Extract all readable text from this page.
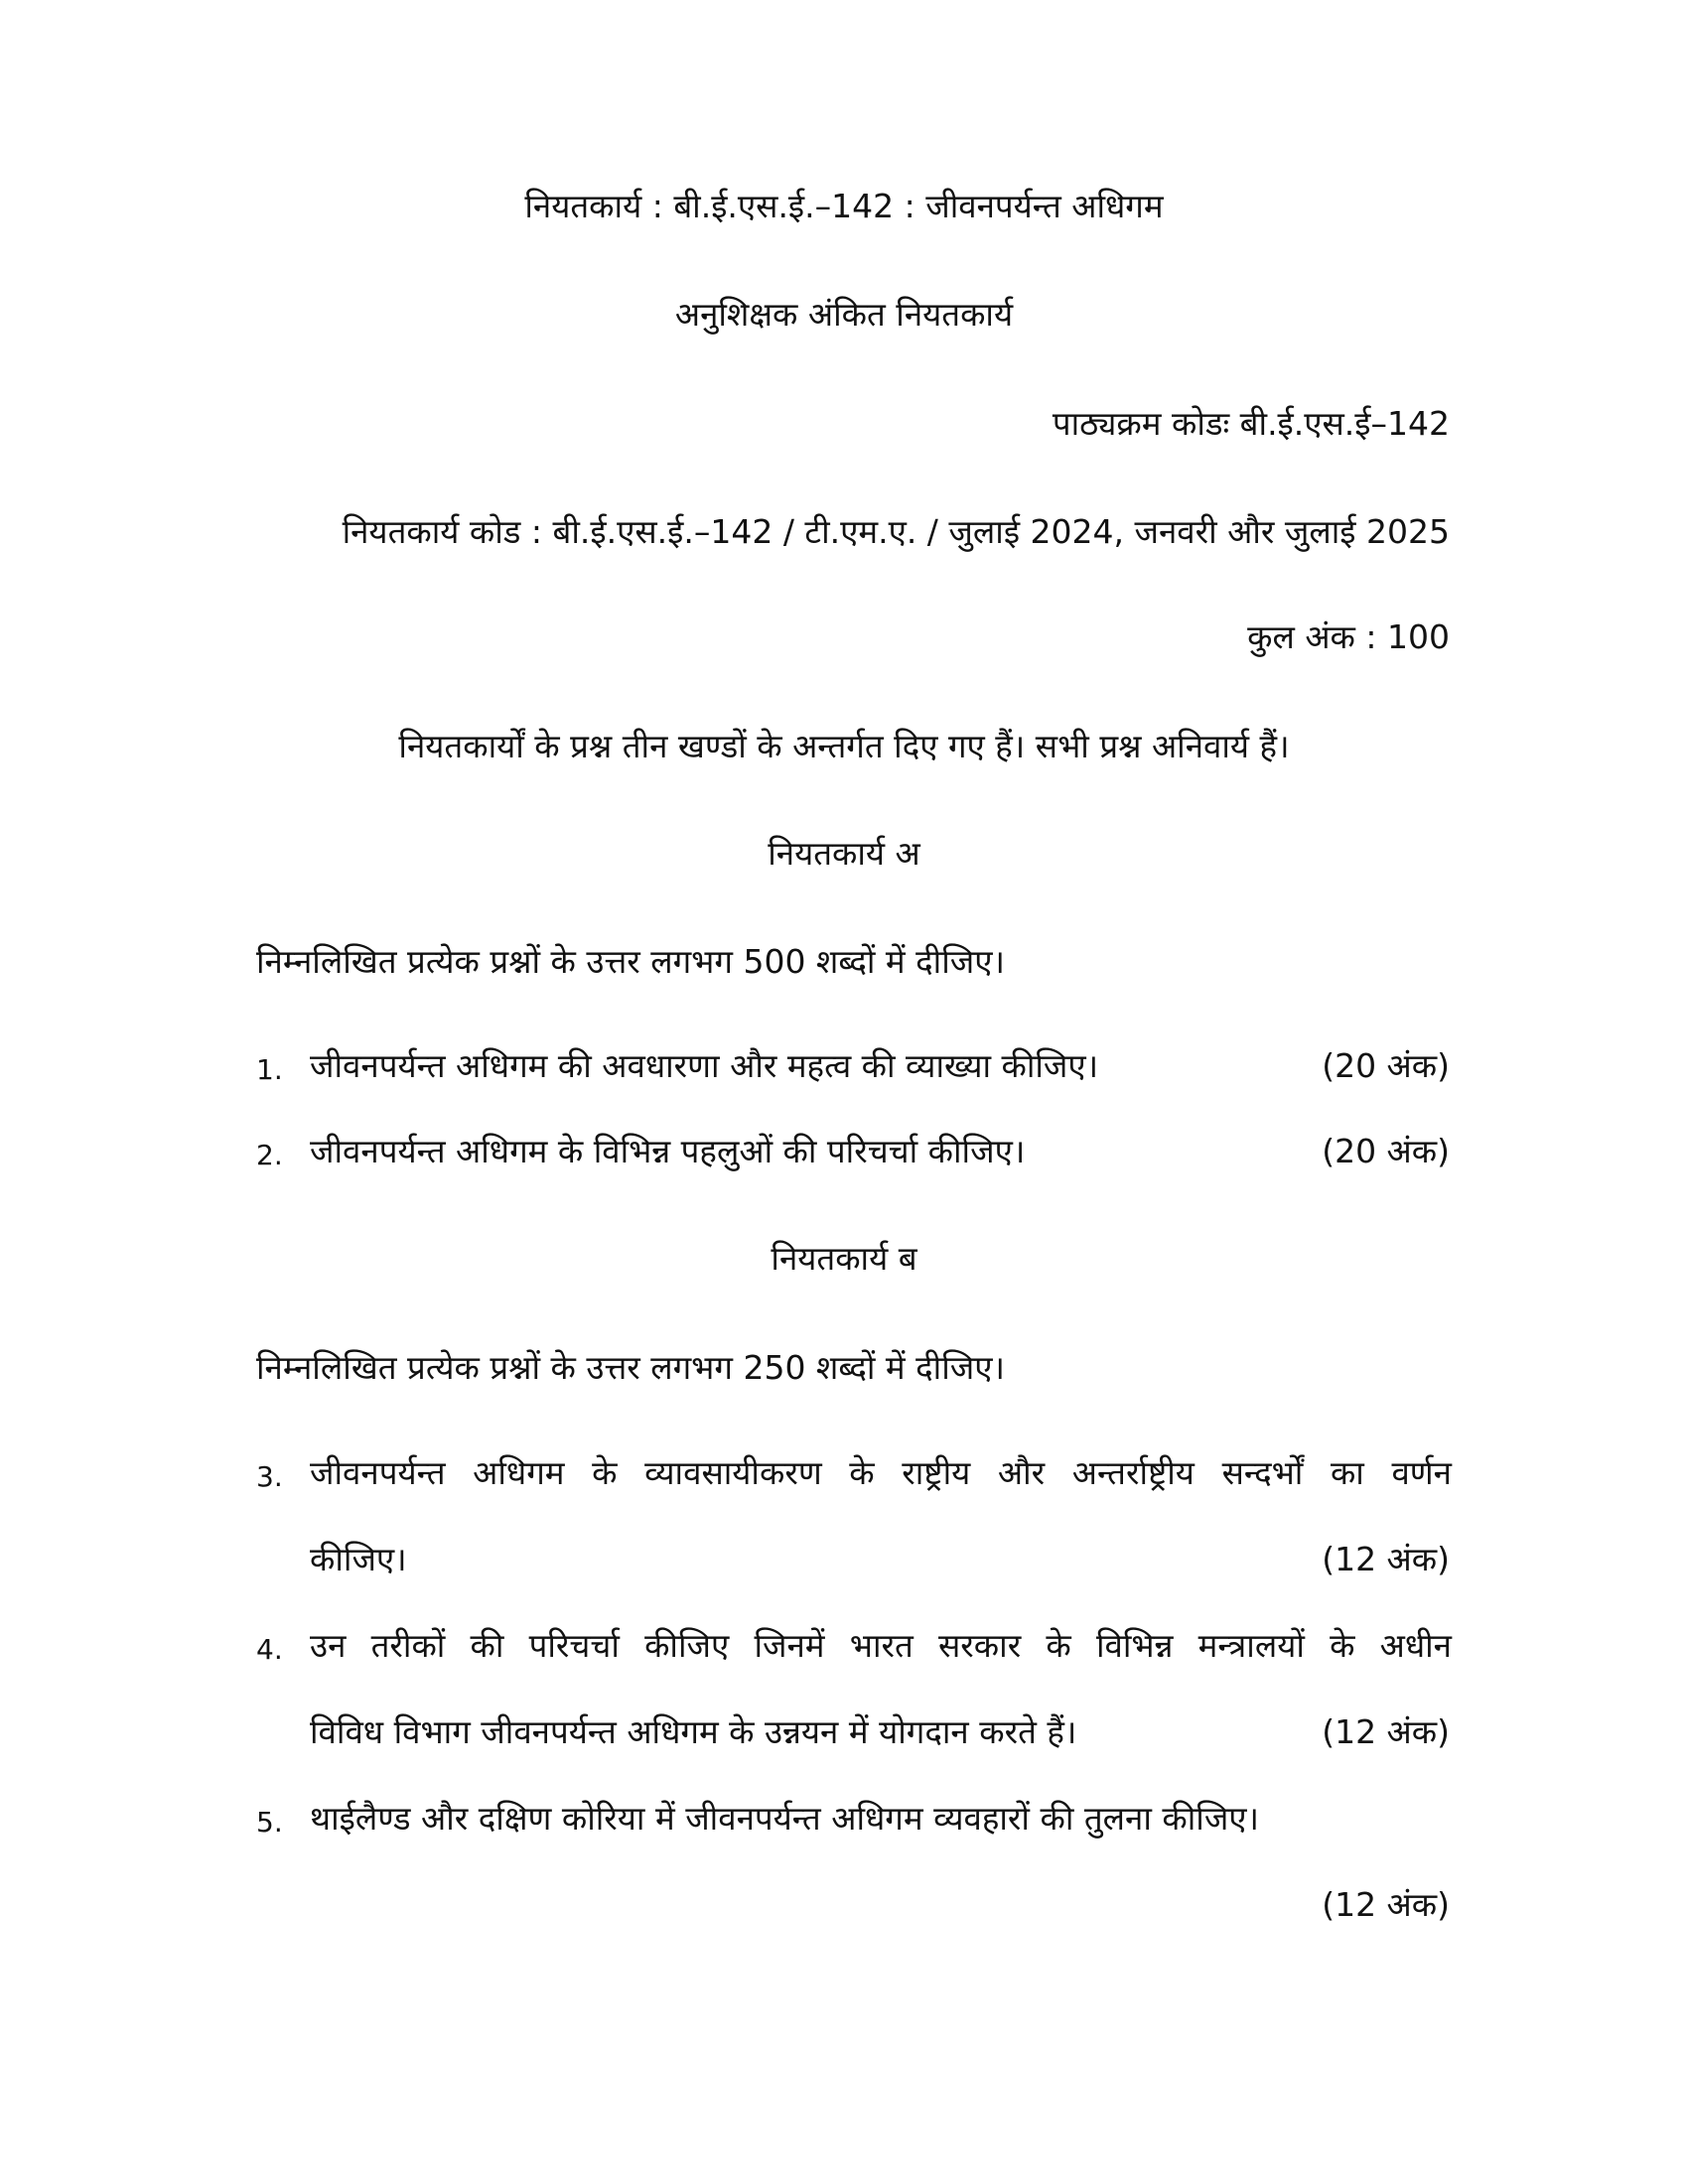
नियतकार्य : बी.ई.एस.ई.–142 : जीवनपर्यन्त अधिगम
अनुशिक्षक अंकित नियतकार्य
पाठ्यक्रम कोडः बी.ई.एस.ई–142
नियतकार्य कोड : बी.ई.एस.ई.–142 / टी.एम.ए. / जुलाई 2024, जनवरी और जुलाई 2025
कुल अंक : 100
नियतकार्यों के प्रश्न तीन खण्डों के अन्तर्गत दिए गए हैं। सभी प्रश्न अनिवार्य हैं।
नियतकार्य अ
निम्नलिखित प्रत्येक प्रश्नों के उत्तर लगभग 500 शब्दों में दीजिए।
1. जीवनपर्यन्त अधिगम की अवधारणा और महत्व की व्याख्या कीजिए।	(20 अंक)
2. जीवनपर्यन्त अधिगम के विभिन्न पहलुओं की परिचर्चा कीजिए।	(20 अंक)
नियतकार्य ब
निम्नलिखित प्रत्येक प्रश्नों के उत्तर लगभग 250 शब्दों में दीजिए।
3. जीवनपर्यन्त अधिगम के व्यावसायीकरण के राष्ट्रीय और अन्तर्राष्ट्रीय सन्दर्भों का वर्णन
कीजिए।	(12 अंक)
4. उन तरीकों की परिचर्चा कीजिए जिनमें भारत सरकार के विभिन्न मन्त्रालयों के अधीन
विविध विभाग जीवनपर्यन्त अधिगम के उन्नयन में योगदान करते हैं।	(12 अंक)
5. थाईलैण्ड और दक्षिण कोरिया में जीवनपर्यन्त अधिगम व्यवहारों की तुलना कीजिए।
(12 अंक)
